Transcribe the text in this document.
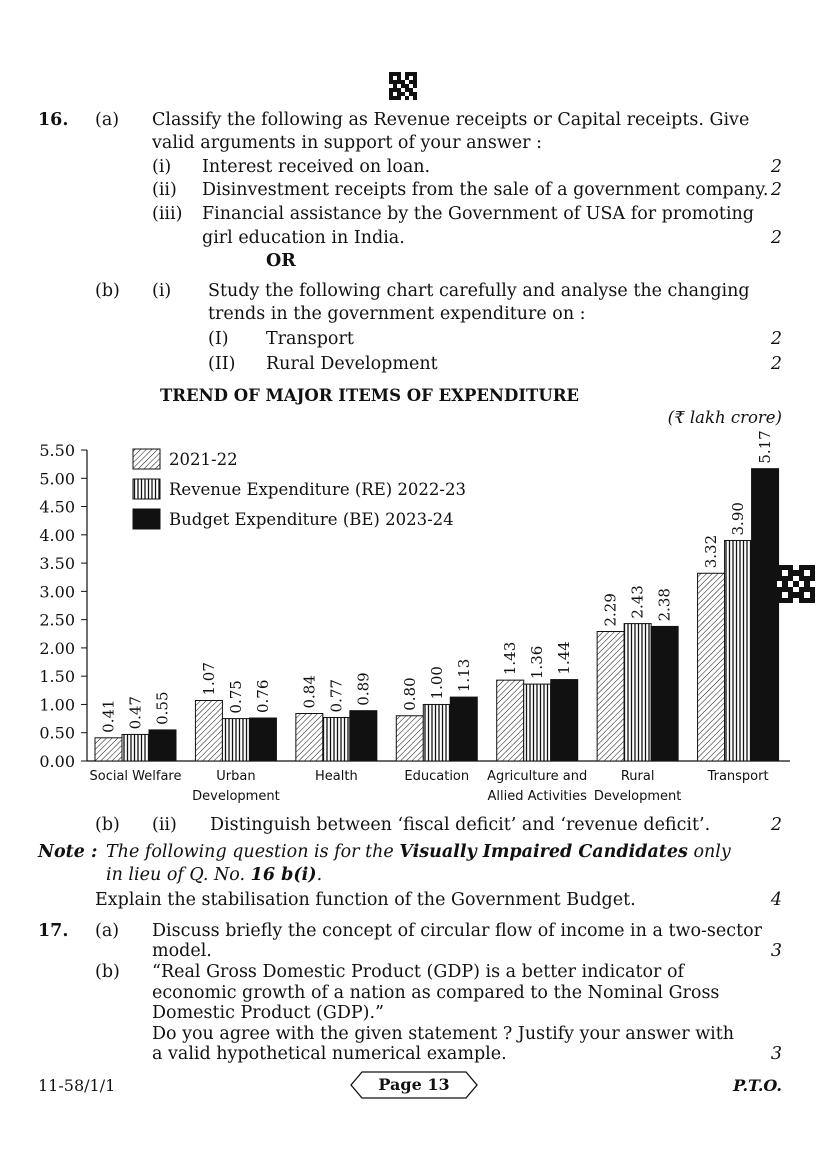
16. (a) Classify the following as Revenue receipts or Capital receipts. Give
valid arguments in support of your answer :
(i) Interest received on loan.	2
(ii) Disinvestment receipts from the sale of a government company. 2
(iii) Financial assistance by the Government of USA for promoting
girl education in India.	2
OR
(b) (i) Study the following chart carefully and analyse the changing
trends in the government expenditure on :
(I) Transport	2
(II) Rural Development	2
TREND OF MAJOR ITEMS OF EXPENDITURE
(₹ lakh crore)
0.00
0.50
1.00
1.50
2.00
2.50
3.00
3.50
4.00
4.50
5.00
5.50
0.41 0.47 0.55
Social Welfare
1.07
0.75 0.76
Urban
Development
0.84 0.77 0.89
Health
0.80 1.00 1.13
Education
1.43 1.36 1.44
Agriculture and
Allied Activities
2.29 2.43 2.38
Rural
Development
3.32
3.90
5.17
Transport
2021-22
Revenue Expenditure (RE) 2022-23
Budget Expenditure (BE) 2023-24
(b) (ii) Distinguish between ‘fiscal deficit’ and ‘revenue deficit’.	2
Note : The following question is for the Visually Impaired Candidates only
in lieu of Q. No. 16 b(i).
Explain the stabilisation function of the Government Budget.	4
17. (a) Discuss briefly the concept of circular flow of income in a two-sector
model.	3
(b) “Real Gross Domestic Product (GDP) is a better indicator of
economic growth of a nation as compared to the Nominal Gross
Domestic Product (GDP).”
Do you agree with the given statement ? Justify your answer with
a valid hypothetical numerical example.	3
11-58/1/1	Page 13	P.T.O.
